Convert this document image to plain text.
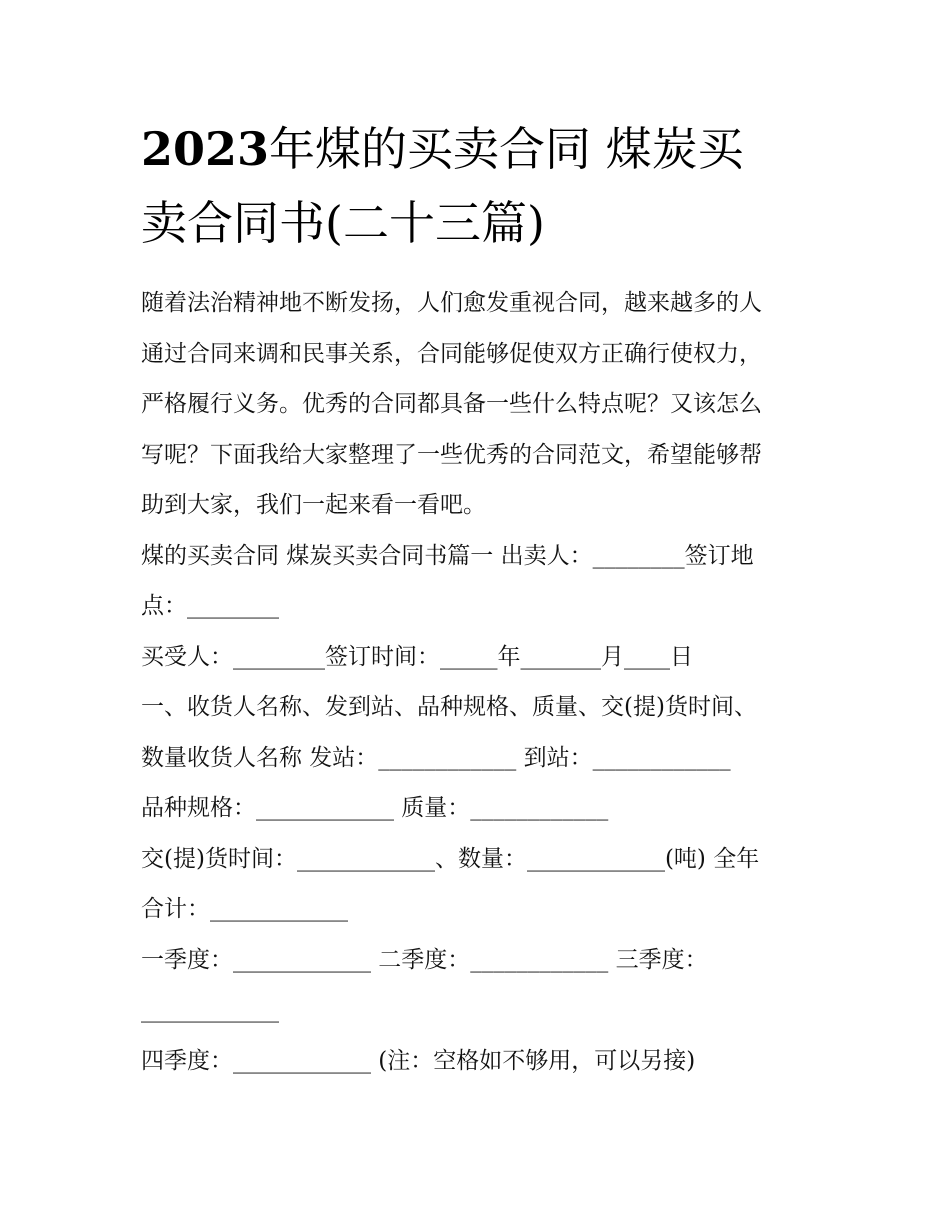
2023年煤的买卖合同 煤炭买
卖合同书(二十三篇)
随着法治精神地不断发扬，人们愈发重视合同，越来越多的人
通过合同来调和民事关系，合同能够促使双方正确行使权力，
严格履行义务。优秀的合同都具备一些什么特点呢？又该怎么
写呢？下面我给大家整理了一些优秀的合同范文，希望能够帮
助到大家，我们一起来看一看吧。
煤的买卖合同 煤炭买卖合同书篇一 出卖人：________签订地
点：________
买受人：________签订时间：_____年_______月____日
一、收货人名称、发到站、品种规格、质量、交(提)货时间、
数量收货人名称 发站：____________ 到站：____________
品种规格：____________ 质量：____________
交(提)货时间：____________、数量：____________(吨) 全年
合计：____________
一季度：____________ 二季度：____________ 三季度：
____________
四季度：____________ (注：空格如不够用，可以另接)
